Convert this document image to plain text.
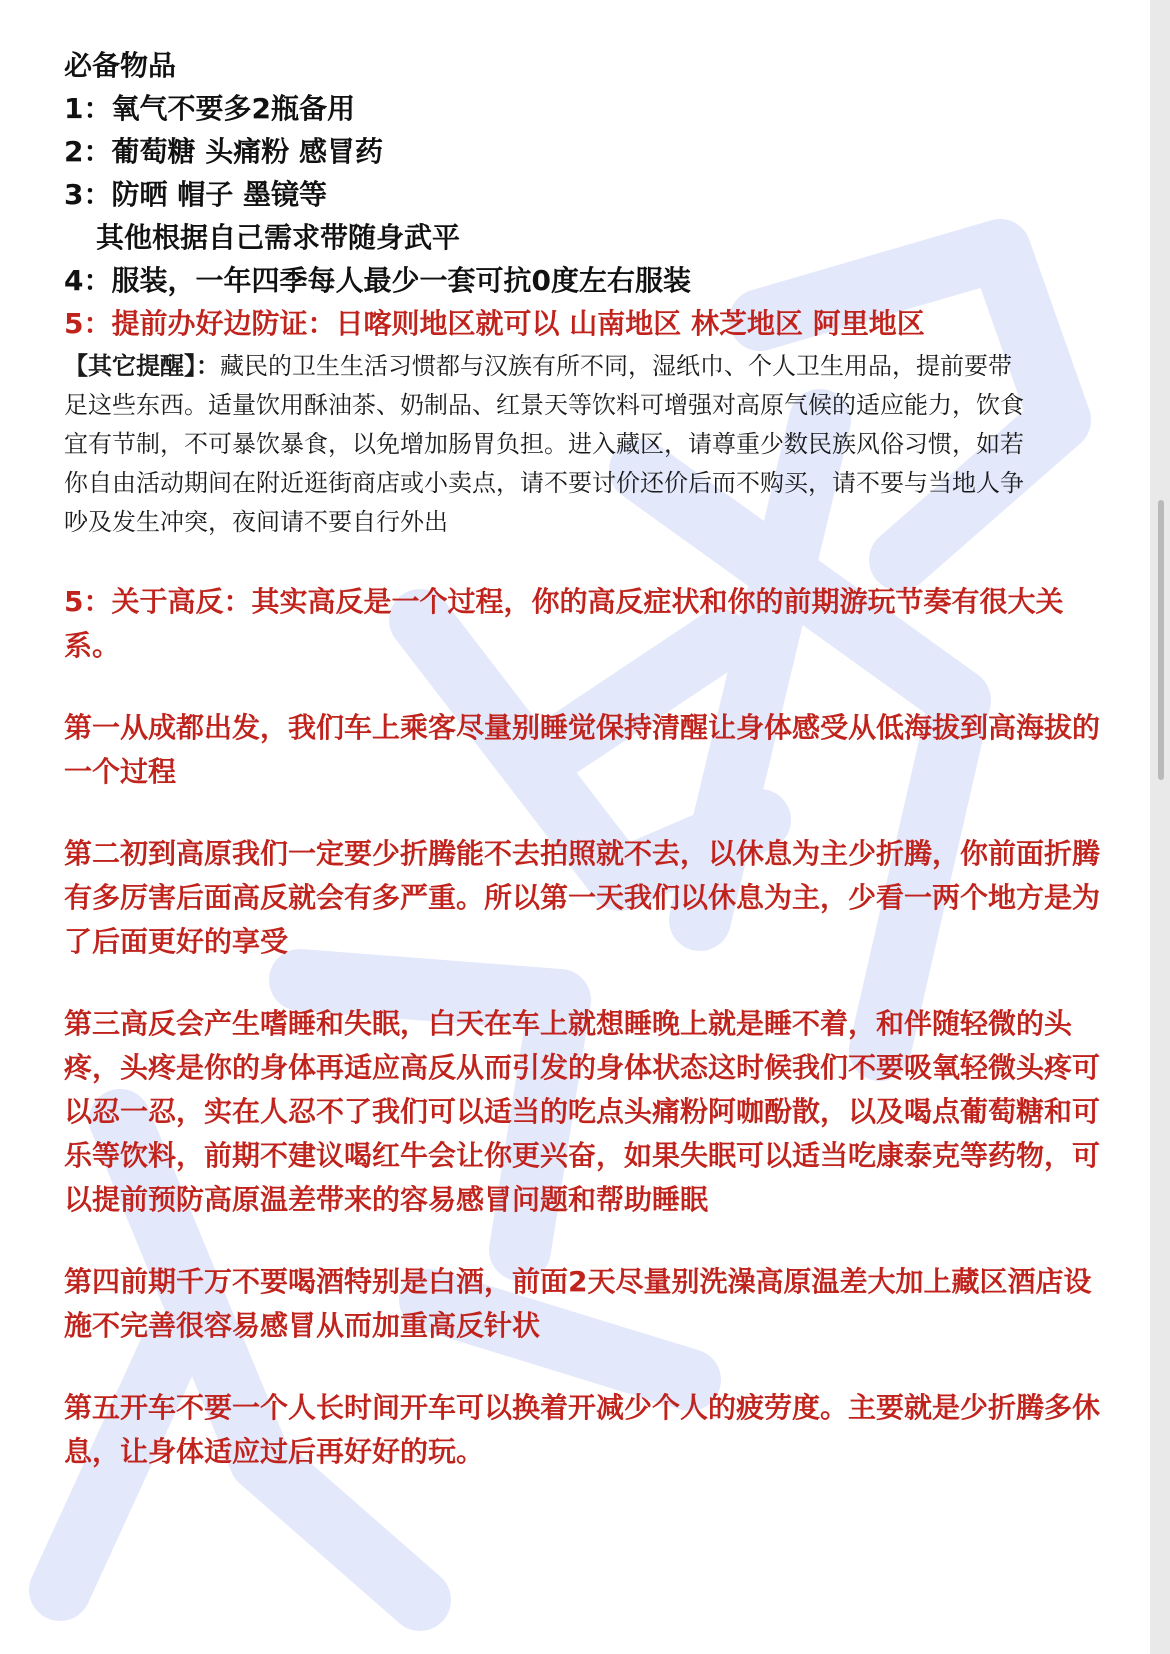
必备物品
1：氧气不要多2瓶备用
2：葡萄糖 头痛粉 感冒药
3：防晒 帽子 墨镜等
其他根据自己需求带随身武平
4：服装，一年四季每人最少一套可抗0度左右服装
5：提前办好边防证：日喀则地区就可以 山南地区 林芝地区 阿里地区
【其它提醒】：藏民的卫生生活习惯都与汉族有所不同，湿纸巾、个人卫生用品，提前要带足这些东西。适量饮用酥油茶、奶制品、红景天等饮料可增强对高原气候的适应能力，饮食宜有节制，不可暴饮暴食，以免增加肠胃负担。进入藏区，请尊重少数民族风俗习惯，如若你自由活动期间在附近逛街商店或小卖点，请不要讨价还价后而不购买，请不要与当地人争吵及发生冲突，夜间请不要自行外出
5：关于高反：其实高反是一个过程，你的高反症状和你的前期游玩节奏有很大关系。
第一从成都出发，我们车上乘客尽量别睡觉保持清醒让身体感受从低海拔到高海拔的一个过程
第二初到高原我们一定要少折腾能不去拍照就不去，以休息为主少折腾，你前面折腾有多厉害后面高反就会有多严重。所以第一天我们以休息为主，少看一两个地方是为了后面更好的享受
第三高反会产生嗜睡和失眠，白天在车上就想睡晚上就是睡不着，和伴随轻微的头疼，头疼是你的身体再适应高反从而引发的身体状态这时候我们不要吸氧轻微头疼可以忍一忍，实在人忍不了我们可以适当的吃点头痛粉阿咖酚散，以及喝点葡萄糖和可乐等饮料，前期不建议喝红牛会让你更兴奋，如果失眠可以适当吃康泰克等药物，可以提前预防高原温差带来的容易感冒问题和帮助睡眠
第四前期千万不要喝酒特别是白酒，前面2天尽量别洗澡高原温差大加上藏区酒店设施不完善很容易感冒从而加重高反针状
第五开车不要一个人长时间开车可以换着开减少个人的疲劳度。主要就是少折腾多休息，让身体适应过后再好好的玩。
